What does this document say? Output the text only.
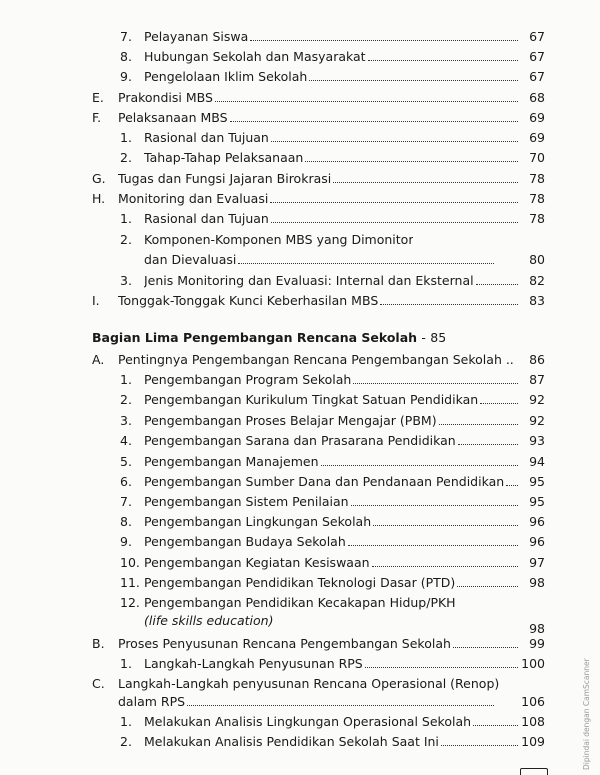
7. Pelayanan Siswa	67
8. Hubungan Sekolah dan Masyarakat	67
9. Pengelolaan Iklim Sekolah	67
E. Prakondisi MBS	68
F. Pelaksanaan MBS	69
1. Rasional dan Tujuan	69
2. Tahap-Tahap Pelaksanaan	70
G. Tugas dan Fungsi Jajaran Birokrasi	78
H. Monitoring dan Evaluasi	78
1. Rasional dan Tujuan	78
2. Komponen-Komponen MBS yang Dimonitor
dan Dievaluasi	80
3. Jenis Monitoring dan Evaluasi: Internal dan Eksternal	82
I. Tonggak-Tonggak Kunci Keberhasilan MBS	83
Bagian Lima Pengembangan Rencana Sekolah - 85
A. Pentingnya Pengembangan Rencana Pengembangan Sekolah ..	86
1. Pengembangan Program Sekolah	87
2. Pengembangan Kurikulum Tingkat Satuan Pendidikan	92
3. Pengembangan Proses Belajar Mengajar (PBM)	92
4. Pengembangan Sarana dan Prasarana Pendidikan	93
5. Pengembangan Manajemen	94
6. Pengembangan Sumber Dana dan Pendanaan Pendidikan	95
7. Pengembangan Sistem Penilaian	95
8. Pengembangan Lingkungan Sekolah	96
9. Pengembangan Budaya Sekolah	96
10. Pengembangan Kegiatan Kesiswaan	97
11. Pengembangan Pendidikan Teknologi Dasar (PTD)	98
12. Pengembangan Pendidikan Kecakapan Hidup/PKH
(life skills education)
98
B. Proses Penyusunan Rencana Pengembangan Sekolah	99
1. Langkah-Langkah Penyusunan RPS	100
C. Langkah-Langkah penyusunan Rencana Operasional (Renop)
dalam RPS	106
1. Melakukan Analisis Lingkungan Operasional Sekolah	108
2. Melakukan Analisis Pendidikan Sekolah Saat Ini	109	Dipindai dengan CamScanner
